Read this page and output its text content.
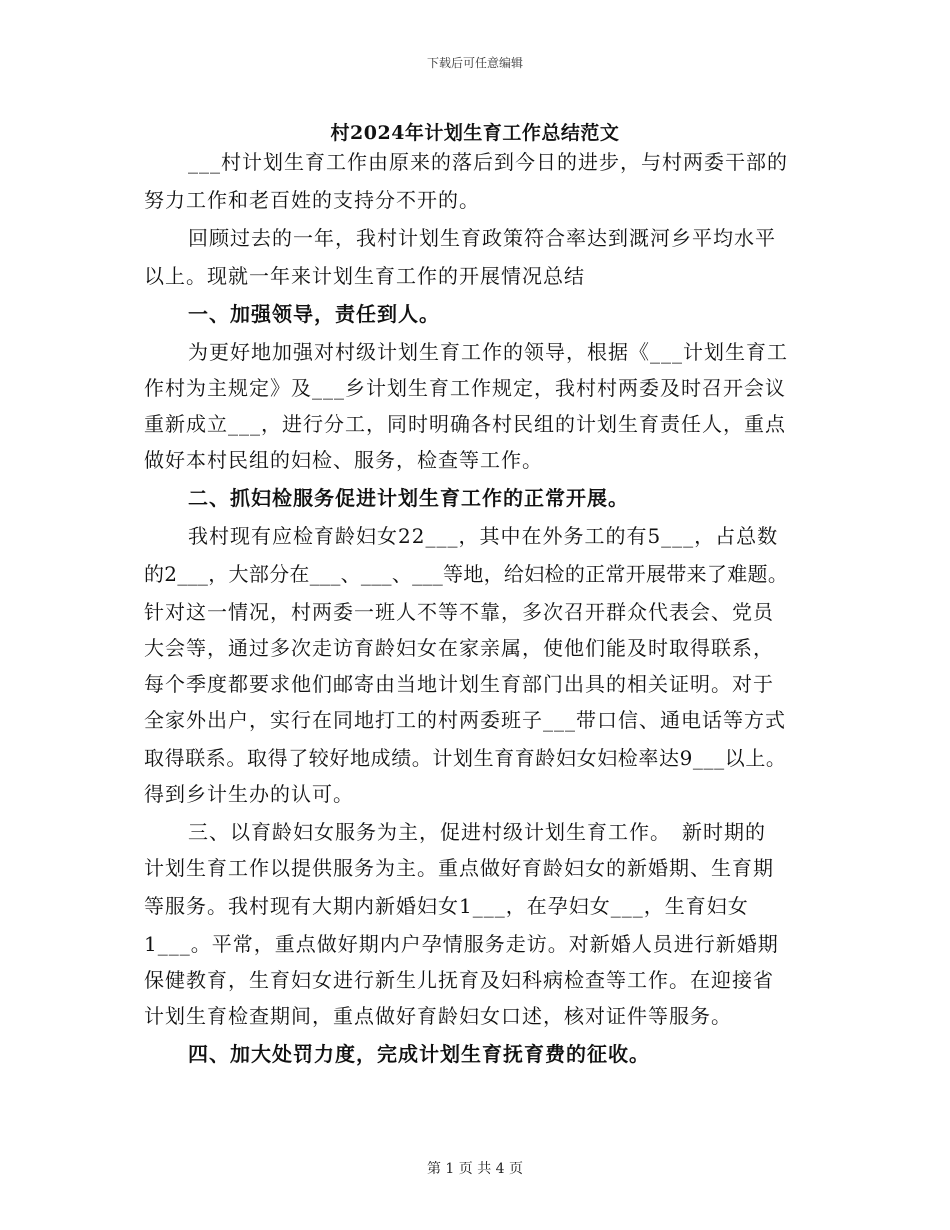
下载后可任意编辑
村2024年计划生育工作总结范文
___村计划生育工作由原来的落后到今日的进步，与村两委干部的
努力工作和老百姓的支持分不开的。
回顾过去的一年，我村计划生育政策符合率达到溉河乡平均水平
以上。现就一年来计划生育工作的开展情况总结
一、加强领导，责任到人。
为更好地加强对村级计划生育工作的领导，根据《___计划生育工
作村为主规定》及___乡计划生育工作规定，我村村两委及时召开会议
重新成立___，进行分工，同时明确各村民组的计划生育责任人，重点
做好本村民组的妇检、服务，检查等工作。
二、抓妇检服务促进计划生育工作的正常开展。
我村现有应检育龄妇女22___，其中在外务工的有5___，占总数
的2___，大部分在___、___、___等地，给妇检的正常开展带来了难题。
针对这一情况，村两委一班人不等不靠，多次召开群众代表会、党员
大会等，通过多次走访育龄妇女在家亲属，使他们能及时取得联系，
每个季度都要求他们邮寄由当地计划生育部门出具的相关证明。对于
全家外出户，实行在同地打工的村两委班子___带口信、通电话等方式
取得联系。取得了较好地成绩。计划生育育龄妇女妇检率达9___以上。
得到乡计生办的认可。
三、以育龄妇女服务为主，促进村级计划生育工作。　新时期的
计划生育工作以提供服务为主。重点做好育龄妇女的新婚期、生育期
等服务。我村现有大期内新婚妇女1___，在孕妇女___，生育妇女
1___。平常，重点做好期内户孕情服务走访。对新婚人员进行新婚期
保健教育，生育妇女进行新生儿抚育及妇科病检查等工作。在迎接省
计划生育检查期间，重点做好育龄妇女口述，核对证件等服务。
四、加大处罚力度，完成计划生育抚育费的征收。
第 1 页 共 4 页
